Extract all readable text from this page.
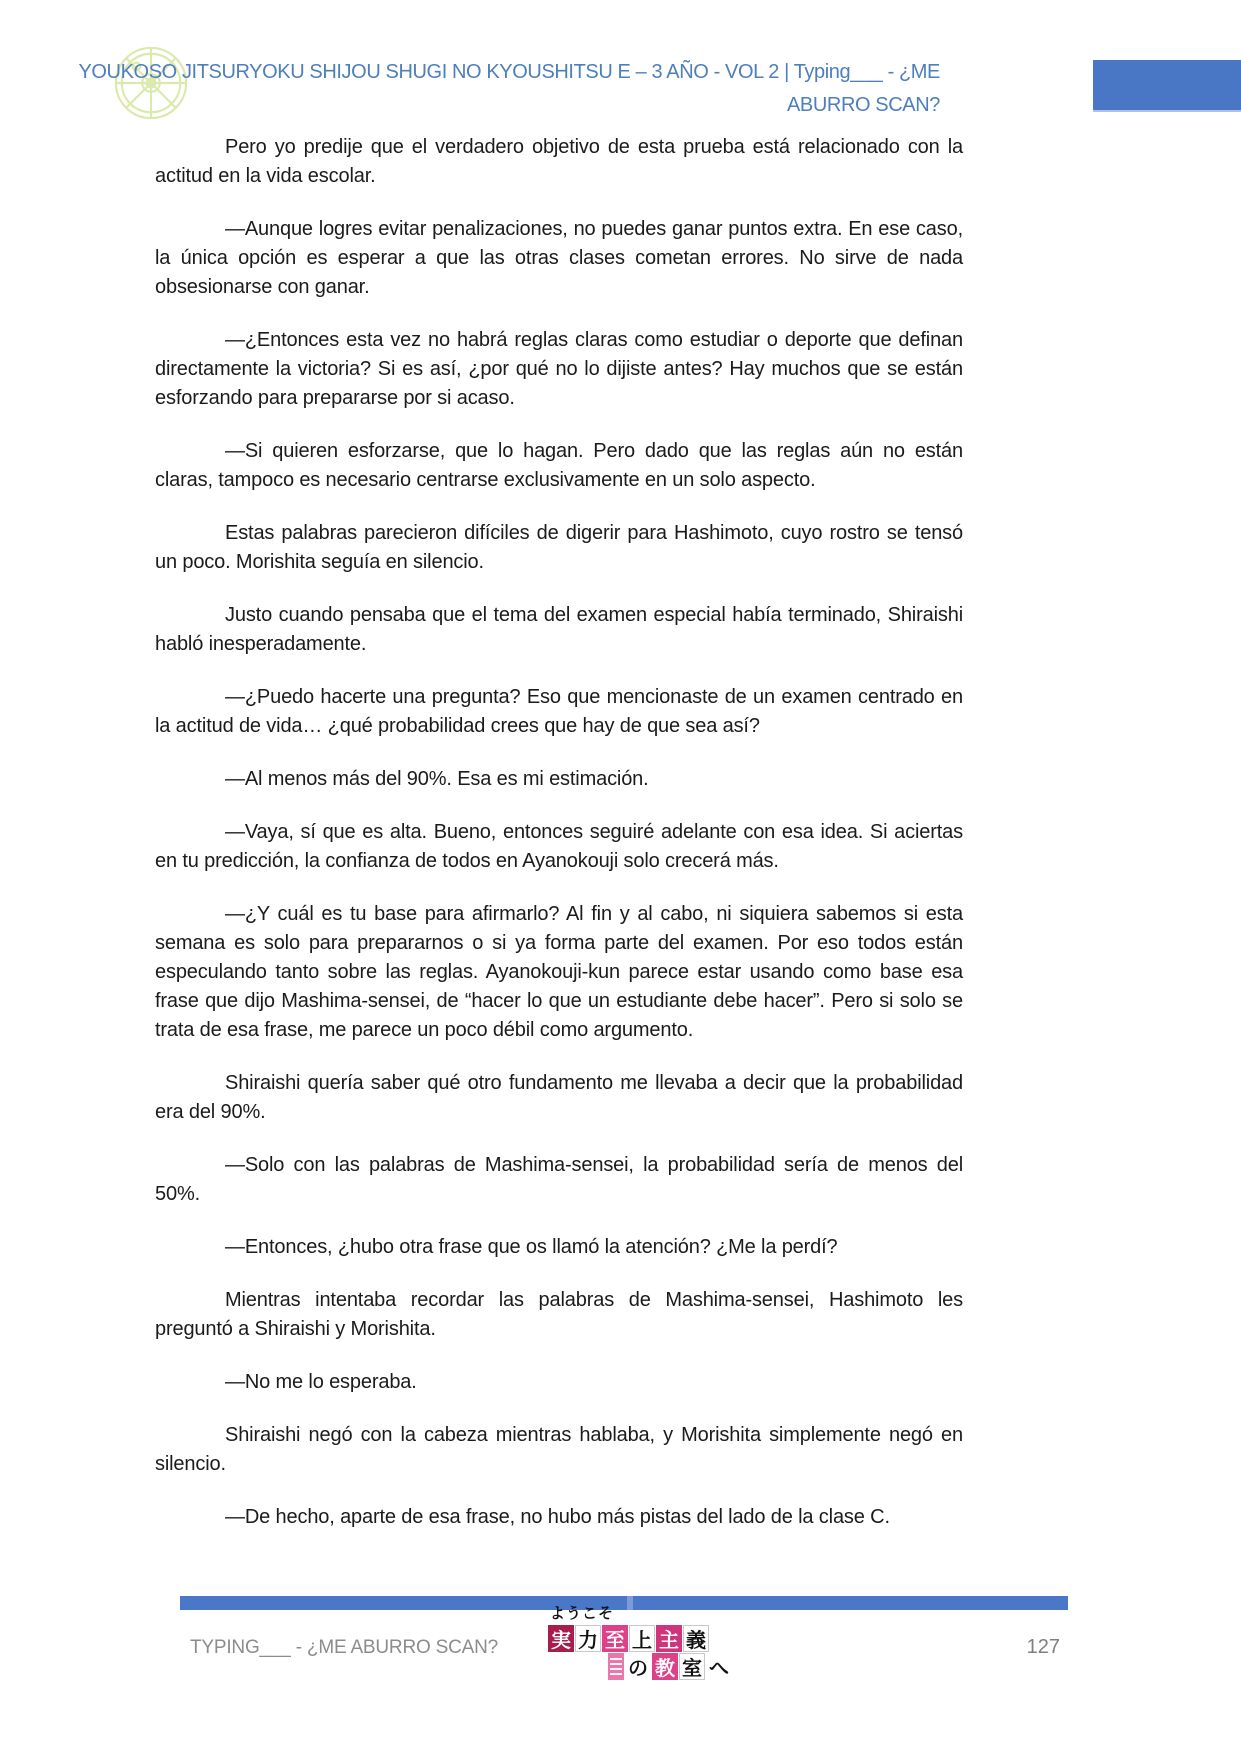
YOUKOSO JITSURYOKU SHIJOU SHUGI NO KYOUSHITSU E – 3 AÑO - VOL 2 | Typing___ - ¿ME
ABURRO SCAN?

Pero yo predije que el verdadero objetivo de esta prueba está relacionado con la actitud en la vida escolar.

—Aunque logres evitar penalizaciones, no puedes ganar puntos extra. En ese caso, la única opción es esperar a que las otras clases cometan errores. No sirve de nada obsesionarse con ganar.

—¿Entonces esta vez no habrá reglas claras como estudiar o deporte que definan directamente la victoria? Si es así, ¿por qué no lo dijiste antes? Hay muchos que se están esforzando para prepararse por si acaso.

—Si quieren esforzarse, que lo hagan. Pero dado que las reglas aún no están claras, tampoco es necesario centrarse exclusivamente en un solo aspecto.

Estas palabras parecieron difíciles de digerir para Hashimoto, cuyo rostro se tensó un poco. Morishita seguía en silencio.

Justo cuando pensaba que el tema del examen especial había terminado, Shiraishi habló inesperadamente.

—¿Puedo hacerte una pregunta? Eso que mencionaste de un examen centrado en la actitud de vida… ¿qué probabilidad crees que hay de que sea así?

—Al menos más del 90%. Esa es mi estimación.

—Vaya, sí que es alta. Bueno, entonces seguiré adelante con esa idea. Si aciertas en tu predicción, la confianza de todos en Ayanokouji solo crecerá más.

—¿Y cuál es tu base para afirmarlo? Al fin y al cabo, ni siquiera sabemos si esta semana es solo para prepararnos o si ya forma parte del examen. Por eso todos están especulando tanto sobre las reglas. Ayanokouji-kun parece estar usando como base esa frase que dijo Mashima-sensei, de “hacer lo que un estudiante debe hacer”. Pero si solo se trata de esa frase, me parece un poco débil como argumento.

Shiraishi quería saber qué otro fundamento me llevaba a decir que la probabilidad era del 90%.

—Solo con las palabras de Mashima-sensei, la probabilidad sería de menos del 50%.

—Entonces, ¿hubo otra frase que os llamó la atención? ¿Me la perdí?

Mientras intentaba recordar las palabras de Mashima-sensei, Hashimoto les preguntó a Shiraishi y Morishita.

—No me lo esperaba.

Shiraishi negó con la cabeza mientras hablaba, y Morishita simplemente negó en silencio.

—De hecho, aparte de esa frase, no hubo más pistas del lado de la clase C.

TYPING___ - ¿ME ABURRO SCAN?
ようこそ
実 力 至 上 主 義
の 教 室 へ
127
